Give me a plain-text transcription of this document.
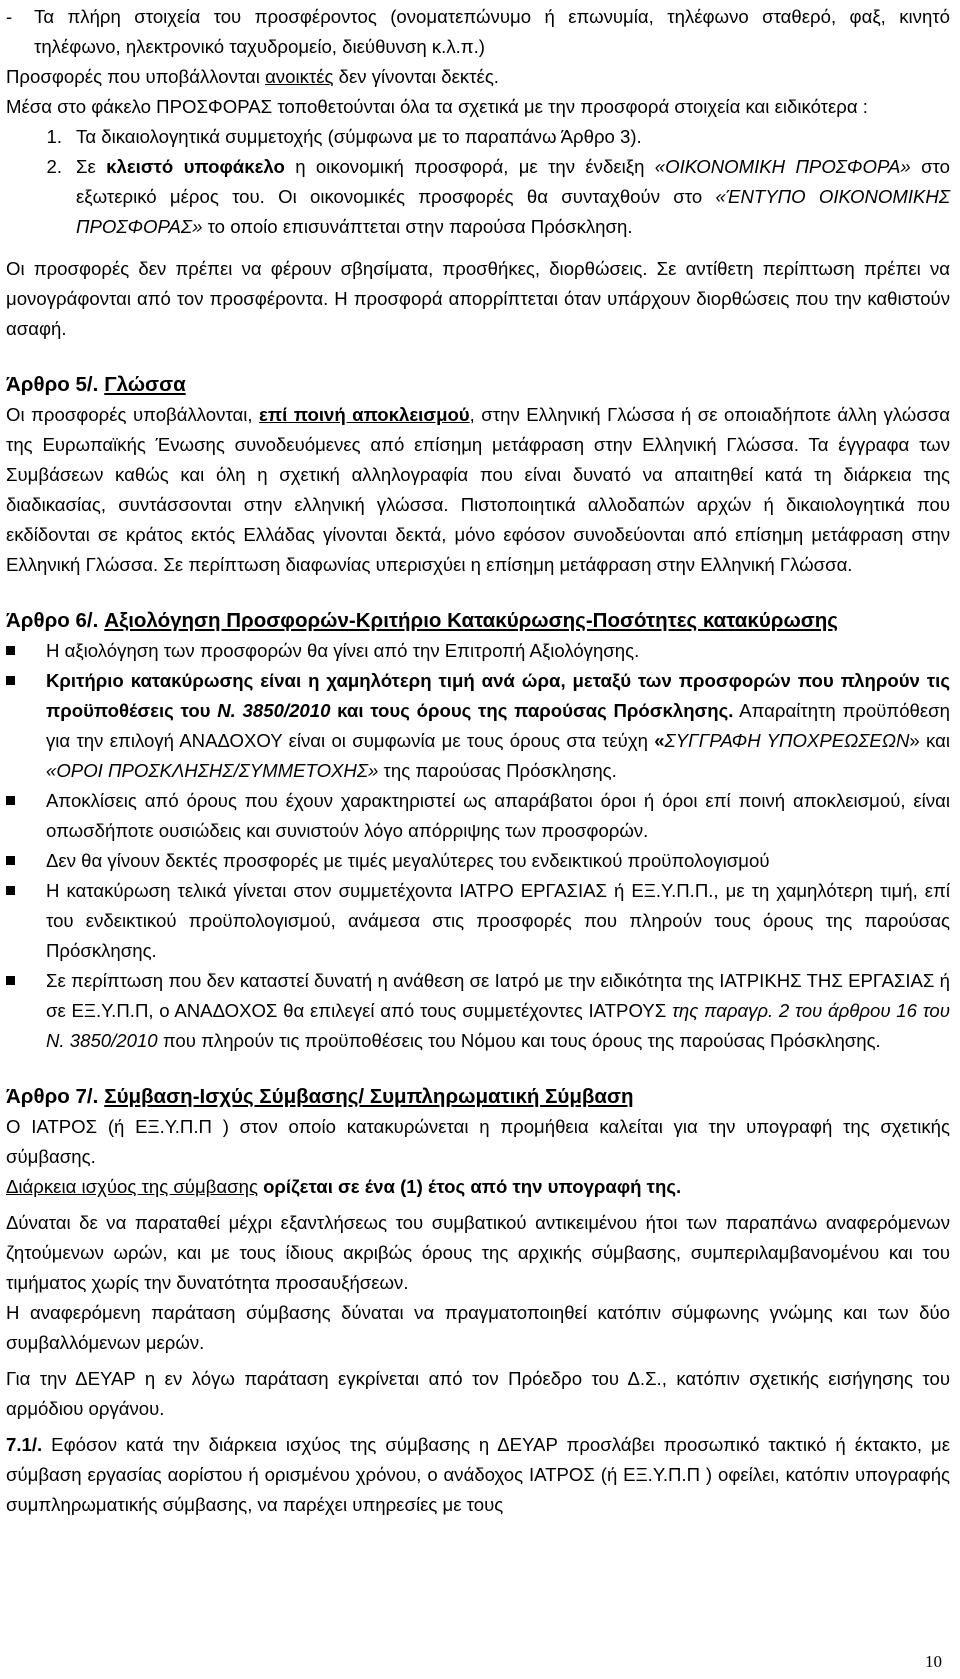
-	Τα πλήρη στοιχεία του προσφέροντος (ονοματεπώνυμο ή επωνυμία, τηλέφωνο σταθερό, φαξ, κινητό τηλέφωνο, ηλεκτρονικό ταχυδρομείο, διεύθυνση κ.λ.π.)

Προσφορές που υποβάλλονται ανοικτές δεν γίνονται δεκτές.

Μέσα στο φάκελο ΠΡΟΣΦΟΡΑΣ τοποθετούνται όλα τα σχετικά με την προσφορά στοιχεία και ειδικότερα :

1. Τα δικαιολογητικά συμμετοχής (σύμφωνα με το παραπάνω Άρθρο 3).
2. Σε κλειστό υποφάκελο η οικονομική προσφορά, με την ένδειξη «ΟΙΚΟΝΟΜΙΚΗ ΠΡΟΣΦΟΡΑ» στο εξωτερικό μέρος του. Οι οικονομικές προσφορές θα συνταχθούν στο «ΈΝΤΥΠΟ ΟΙΚΟΝΟΜΙΚΗΣ ΠΡΟΣΦΟΡΑΣ» το οποίο επισυνάπτεται στην παρούσα Πρόσκληση.

Οι προσφορές δεν πρέπει να φέρουν σβησίματα, προσθήκες, διορθώσεις. Σε αντίθετη περίπτωση πρέπει να μονογράφονται από τον προσφέροντα. Η προσφορά απορρίπτεται όταν υπάρχουν διορθώσεις που την καθιστούν ασαφή.

Άρθρο 5/. Γλώσσα

Οι προσφορές υποβάλλονται, επί ποινή αποκλεισμού, στην Ελληνική Γλώσσα ή σε οποιαδήποτε άλλη γλώσσα της Ευρωπαϊκής Ένωσης συνοδευόμενες από επίσημη μετάφραση στην Ελληνική Γλώσσα. Τα έγγραφα των Συμβάσεων καθώς και όλη η σχετική αλληλογραφία που είναι δυνατό να απαιτηθεί κατά τη διάρκεια της διαδικασίας, συντάσσονται στην ελληνική γλώσσα. Πιστοποιητικά αλλοδαπών αρχών ή δικαιολογητικά που εκδίδονται σε κράτος εκτός Ελλάδας γίνονται δεκτά, μόνο εφόσον συνοδεύονται από επίσημη μετάφραση στην Ελληνική Γλώσσα. Σε περίπτωση διαφωνίας υπερισχύει η επίσημη μετάφραση στην Ελληνική Γλώσσα.

Άρθρο 6/. Αξιολόγηση Προσφορών-Κριτήριο Κατακύρωσης-Ποσότητες κατακύρωσης
Η αξιολόγηση των προσφορών θα γίνει από την Επιτροπή Αξιολόγησης.
Κριτήριο κατακύρωσης είναι η χαμηλότερη τιμή ανά ώρα, μεταξύ των προσφορών που πληρούν τις προϋποθέσεις του Ν. 3850/2010 και τους όρους της παρούσας Πρόσκλησης. Απαραίτητη προϋπόθεση για την επιλογή ΑΝΑΔΟΧΟΥ είναι οι συμφωνία με τους όρους στα τεύχη «ΣΥΓΓΡΑΦΗ ΥΠΟΧΡΕΩΣΕΩΝ» και «ΟΡΟΙ ΠΡΟΣΚΛΗΣΗΣ/ΣΥΜΜΕΤΟΧΗΣ» της παρούσας Πρόσκλησης.
Αποκλίσεις από όρους που έχουν χαρακτηριστεί ως απαράβατοι όροι ή όροι επί ποινή αποκλεισμού, είναι οπωσδήποτε ουσιώδεις και συνιστούν λόγο απόρριψης των προσφορών.
Δεν θα γίνουν δεκτές προσφορές με τιμές μεγαλύτερες του ενδεικτικού προϋπολογισμού
Η κατακύρωση τελικά γίνεται στον συμμετέχοντα ΙΑΤΡΟ ΕΡΓΑΣΙΑΣ ή ΕΞ.Υ.Π.Π., με τη χαμηλότερη τιμή, επί του ενδεικτικού προϋπολογισμού, ανάμεσα στις προσφορές που πληρούν τους όρους της παρούσας Πρόσκλησης.
Σε περίπτωση που δεν καταστεί δυνατή η ανάθεση σε Ιατρό με την ειδικότητα της ΙΑΤΡΙΚΗΣ ΤΗΣ ΕΡΓΑΣΙΑΣ ή σε ΕΞ.Υ.Π.Π, ο ΑΝΑΔΟΧΟΣ θα επιλεγεί από τους συμμετέχοντες ΙΑΤΡΟΥΣ της παραγρ. 2 του άρθρου 16 του Ν. 3850/2010 που πληρούν τις προϋποθέσεις του Νόμου και τους όρους της παρούσας Πρόσκλησης.
Άρθρο 7/. Σύμβαση-Ισχύς Σύμβασης/ Συμπληρωματική Σύμβαση

Ο ΙΑΤΡΟΣ (ή ΕΞ.Υ.Π.Π ) στον οποίο κατακυρώνεται η προμήθεια καλείται για την υπογραφή της σχετικής σύμβασης.

Διάρκεια ισχύος της σύμβασης ορίζεται σε ένα (1) έτος από την υπογραφή της.

Δύναται δε να παραταθεί μέχρι εξαντλήσεως του συμβατικού αντικειμένου ήτοι των παραπάνω αναφερόμενων ζητούμενων ωρών, και με τους ίδιους ακριβώς όρους της αρχικής σύμβασης, συμπεριλαμβανομένου και του τιμήματος χωρίς την δυνατότητα προσαυξήσεων.

Η αναφερόμενη παράταση σύμβασης δύναται να πραγματοποιηθεί κατόπιν σύμφωνης γνώμης και των δύο συμβαλλόμενων μερών.

Για την ΔΕΥΑΡ η εν λόγω παράταση εγκρίνεται από τον Πρόεδρο του Δ.Σ., κατόπιν σχετικής εισήγησης του αρμόδιου οργάνου.

7.1/. Εφόσον κατά την διάρκεια ισχύος της σύμβασης η ΔΕΥΑΡ προσλάβει προσωπικό τακτικό ή έκτακτο, με σύμβαση εργασίας αορίστου ή ορισμένου χρόνου, ο ανάδοχος ΙΑΤΡΟΣ (ή ΕΞ.Υ.Π.Π ) οφείλει, κατόπιν υπογραφής συμπληρωματικής σύμβασης, να παρέχει υπηρεσίες με τους

10
